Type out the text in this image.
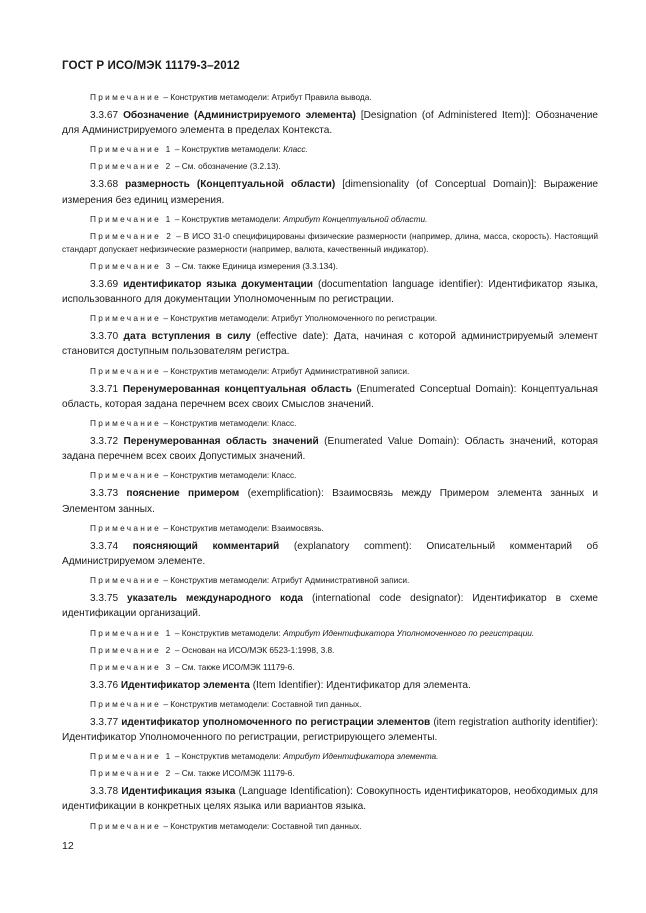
ГОСТ Р ИСО/МЭК 11179-3–2012

Примечание – Конструктив метамодели: Атрибут Правила вывода.

3.3.67 Обозначение (Администрируемого элемента) [Designation (of Administered Item)]: Обозначение для Администрируемого элемента в пределах Контекста.

Примечание 1 – Конструктив метамодели: Класс.

Примечание 2 – См. обозначение (3.2.13).

3.3.68 размерность (Концептуальной области) [dimensionality (of Conceptual Domain)]: Выражение измерения без единиц измерения.

Примечание 1 – Конструктив метамодели: Атрибут Концептуальной области.

Примечание 2 – В ИСО 31-0 специфицированы физические размерности (например, длина, масса, скорость). Настоящий стандарт допускает нефизические размерности (например, валюта, качественный индикатор).

Примечание 3 – См. также Единица измерения (3.3.134).

3.3.69 идентификатор языка документации (documentation language identifier): Идентификатор языка, использованного для документации Уполномоченным по регистрации.

Примечание – Конструктив метамодели: Атрибут Уполномоченного по регистрации.

3.3.70 дата вступления в силу (effective date): Дата, начиная с которой администрируемый элемент становится доступным пользователям регистра.

Примечание – Конструктив метамодели: Атрибут Административной записи.

3.3.71 Перенумерованная концептуальная область (Enumerated Conceptual Domain): Концептуальная область, которая задана перечнем всех своих Смыслов значений.

Примечание – Конструктив метамодели: Класс.

3.3.72 Перенумерованная область значений (Enumerated Value Domain): Область значений, которая задана перечнем всех своих Допустимых значений.

Примечание – Конструктив метамодели: Класс.

3.3.73 пояснение примером (exemplification): Взаимосвязь между Примером элемента занных и Элементом занных.

Примечание – Конструктив метамодели: Взаимосвязь.

3.3.74 поясняющий комментарий (explanatory comment): Описательный комментарий об Администрируемом элементе.

Примечание – Конструктив метамодели: Атрибут Административной записи.

3.3.75 указатель международного кода (international code designator): Идентификатор в схеме идентификации организаций.

Примечание 1 – Конструктив метамодели: Атрибут Идентификатора Уполномоченного по регистрации.

Примечание 2 – Основан на ИСО/МЭК 6523-1:1998, 3.8.

Примечание 3 – См. также ИСО/МЭК 11179-6.

3.3.76 Идентификатор элемента (Item Identifier): Идентификатор для элемента.

Примечание – Конструктив метамодели: Составной тип данных.

3.3.77 идентификатор уполномоченного по регистрации элементов (item registration authority identifier): Идентификатор Уполномоченного по регистрации, регистрирующего элементы.

Примечание 1 – Конструктив метамодели: Атрибут Идентификатора элемента.

Примечание 2 – См. также ИСО/МЭК 11179-6.

3.3.78 Идентификация языка (Language Identification): Совокупность идентификаторов, необходимых для идентификации в конкретных целях языка или вариантов языка.

Примечание – Конструктив метамодели: Составной тип данных.

12
